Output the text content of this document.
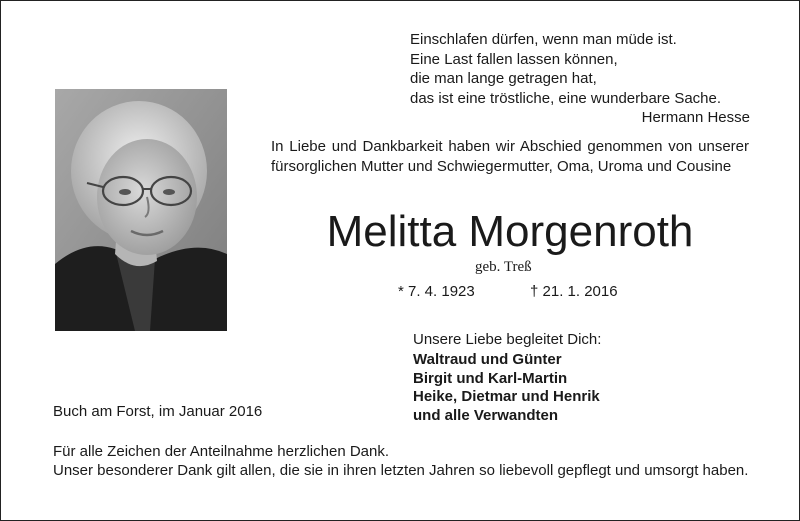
Einschlafen dürfen, wenn man müde ist.
Eine Last fallen lassen können,
die man lange getragen hat,
das ist eine tröstliche, eine wunderbare Sache.
Hermann Hesse
In Liebe und Dankbarkeit haben wir Abschied genommen von unserer fürsorglichen Mutter und Schwiegermutter, Oma, Uroma und Cousine
Melitta Morgenroth
geb. Treß
* 7. 4. 1923	† 21. 1. 2016
Unsere Liebe begleitet Dich:
Waltraud und Günter
Birgit und Karl-Martin
Heike, Dietmar und Henrik
und alle Verwandten
Buch am Forst, im Januar 2016
Für alle Zeichen der Anteilnahme herzlichen Dank.
Unser besonderer Dank gilt allen, die sie in ihren letzten Jahren so liebevoll gepflegt und umsorgt haben.
